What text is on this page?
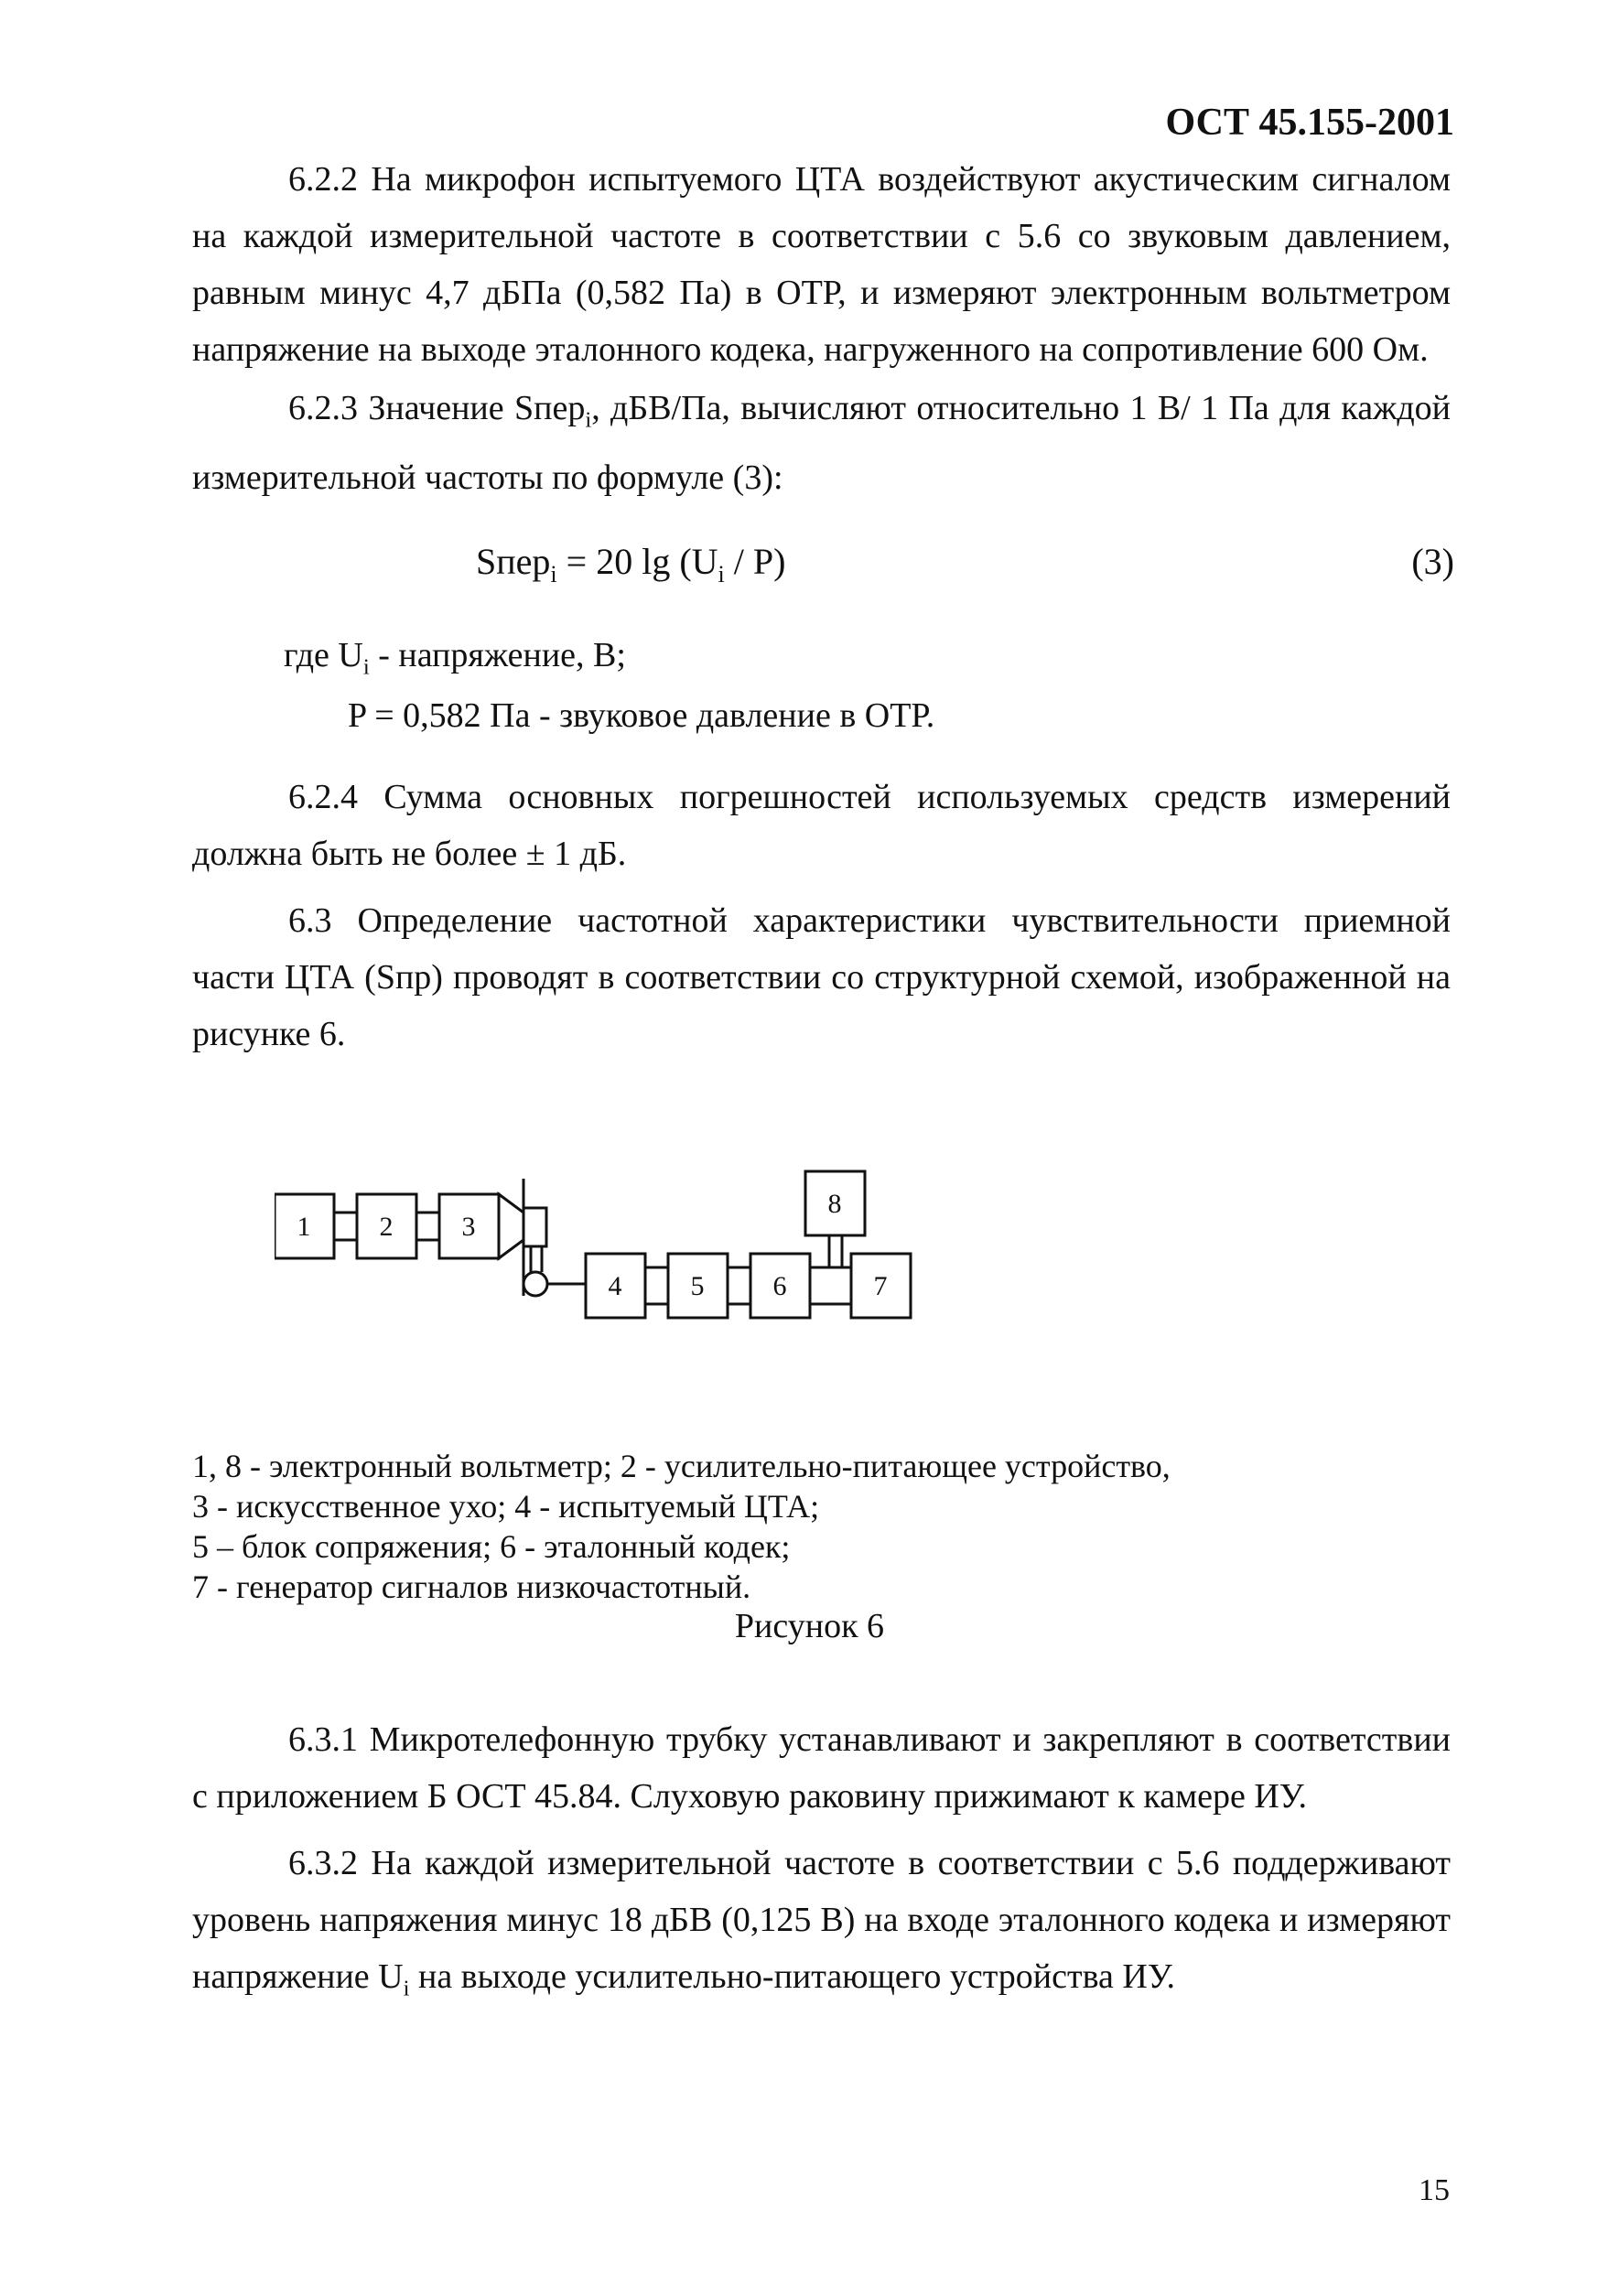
ОСТ 45.155-2001

6.2.2 На микрофон испытуемого ЦТА воздействуют акустическим сигналом на каждой измерительной частоте в соответствии с 5.6 со звуковым давлением, равным минус 4,7 дБПа (0,582 Па) в ОТР, и измеряют электронным вольтметром напряжение на выходе эталонного кодека, нагруженного на сопротивление 600 Ом.

6.2.3 Значение Sпер$_i$, дБВ/Па, вычисляют относительно 1 В/ 1 Па для каждой измерительной частоты по формуле (3):

Sпер$_i$ = 20 $\lg (U_i / P)$	(3)
где $U_i$ - напряжение, В;
P = 0,582 Па - звуковое давление в ОТР.

6.2.4 Сумма основных погрешностей используемых средств измерений должна быть не более ± 1 дБ.

6.3 Определение частотной характеристики чувствительности приемной части ЦТА (Sпр) проводят в соответствии со структурной схемой, изображенной на рисунке 6.

1	2	3
4	5	6	7
8
1, 8 - электронный вольтметр; 2 - усилительно-питающее устройство,
3 - искусственное ухо; 4 - испытуемый ЦТА;
5 – блок сопряжения; 6 - эталонный кодек;
7 - генератор сигналов низкочастотный.
Рисунок 6

6.3.1 Микротелефонную трубку устанавливают и закрепляют в соответствии с приложением Б ОСТ 45.84. Слуховую раковину прижимают к камере ИУ.

6.3.2 На каждой измерительной частоте в соответствии с 5.6 поддерживают уровень напряжения минус 18 дБВ (0,125 В) на входе эталонного кодека и измеряют напряжение $U_i$ на выходе усилительно-питающего устройства ИУ.

15
